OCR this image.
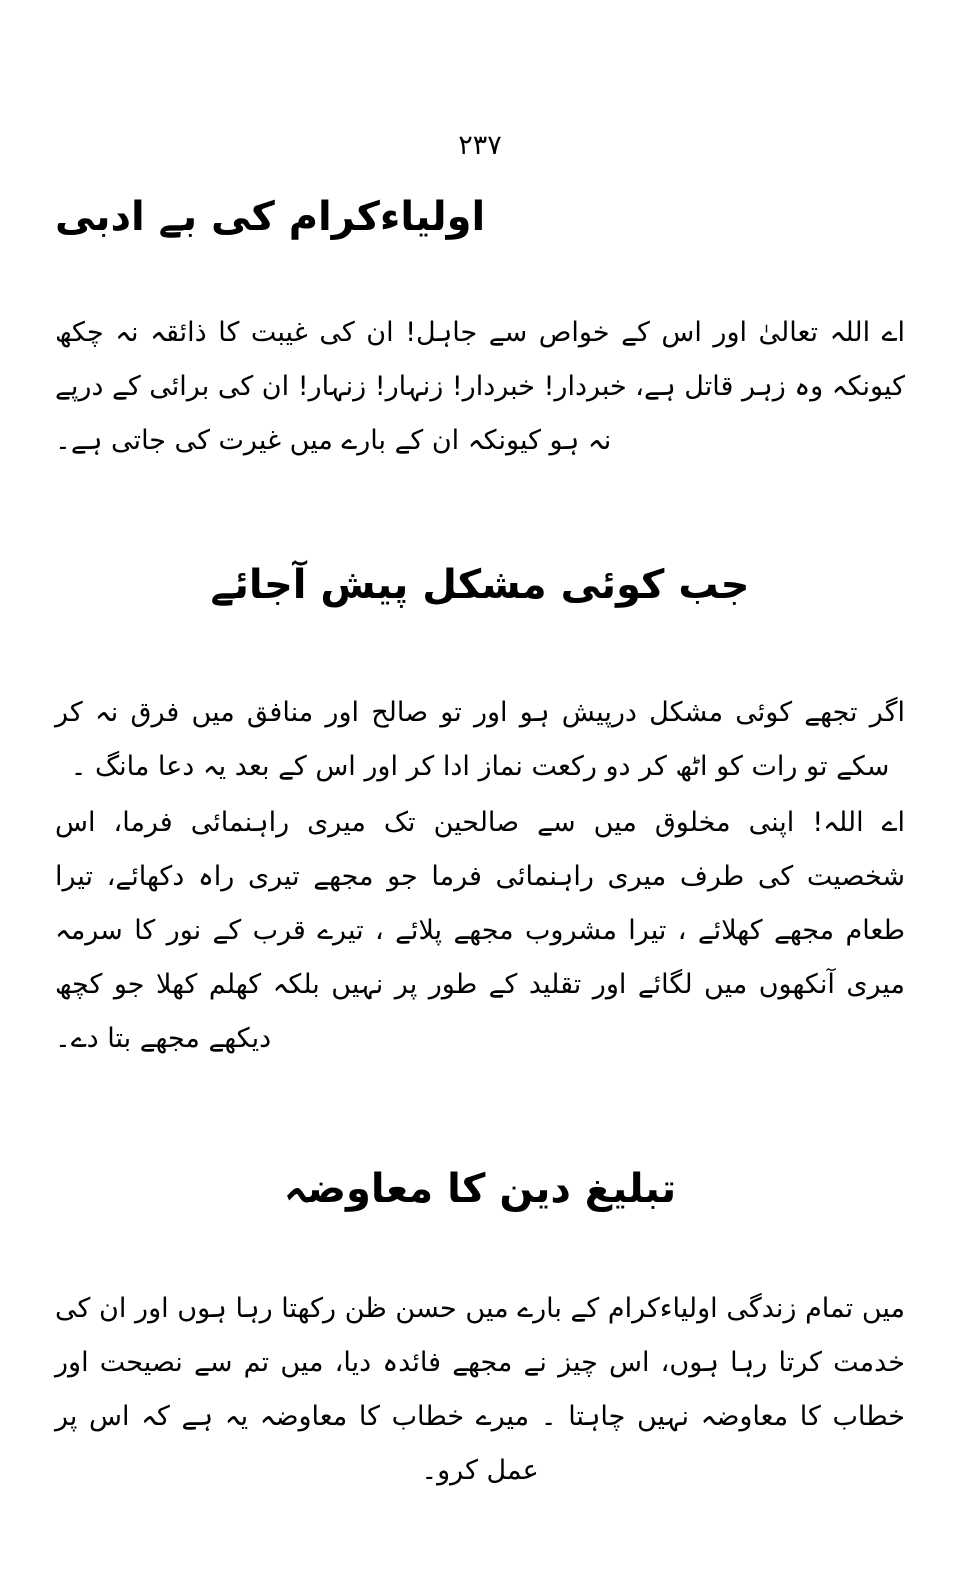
٢٣٧
اولیاءکرام کی بے ادبی

اے اللہ تعالیٰ اور اس کے خواص سے جاہل! ان کی غیبت کا ذائقہ نہ چکھ کیونکہ وہ زہر قاتل ہے، خبردار! خبردار! زنہار! زنہار! ان کی برائی کے درپے نہ ہو کیونکہ ان کے بارے میں غیرت کی جاتی ہے۔

جب کوئی مشکل پیش آجائے

اگر تجھے کوئی مشکل درپیش ہو اور تو صالح اور منافق میں فرق نہ کر سکے تو رات کو اٹھ کر دو رکعت نماز ادا کر اور اس کے بعد یہ دعا مانگ ۔

اے اللہ! اپنی مخلوق میں سے صالحین تک میری راہنمائی فرما، اس شخصیت کی طرف میری راہنمائی فرما جو مجھے تیری راہ دکھائے، تیرا طعام مجھے کھلائے ، تیرا مشروب مجھے پلائے ، تیرے قرب کے نور کا سرمہ میری آنکھوں میں لگائے اور تقلید کے طور پر نہیں بلکہ کھلم کھلا جو کچھ دیکھے مجھے بتا دے۔

تبلیغ دین کا معاوضہ

میں تمام زندگی اولیاءکرام کے بارے میں حسن ظن رکھتا رہا ہوں اور ان کی خدمت کرتا رہا ہوں، اس چیز نے مجھے فائدہ دیا، میں تم سے نصیحت اور خطاب کا معاوضہ نہیں چاہتا ۔ میرے خطاب کا معاوضہ یہ ہے کہ اس پر عمل کرو۔
